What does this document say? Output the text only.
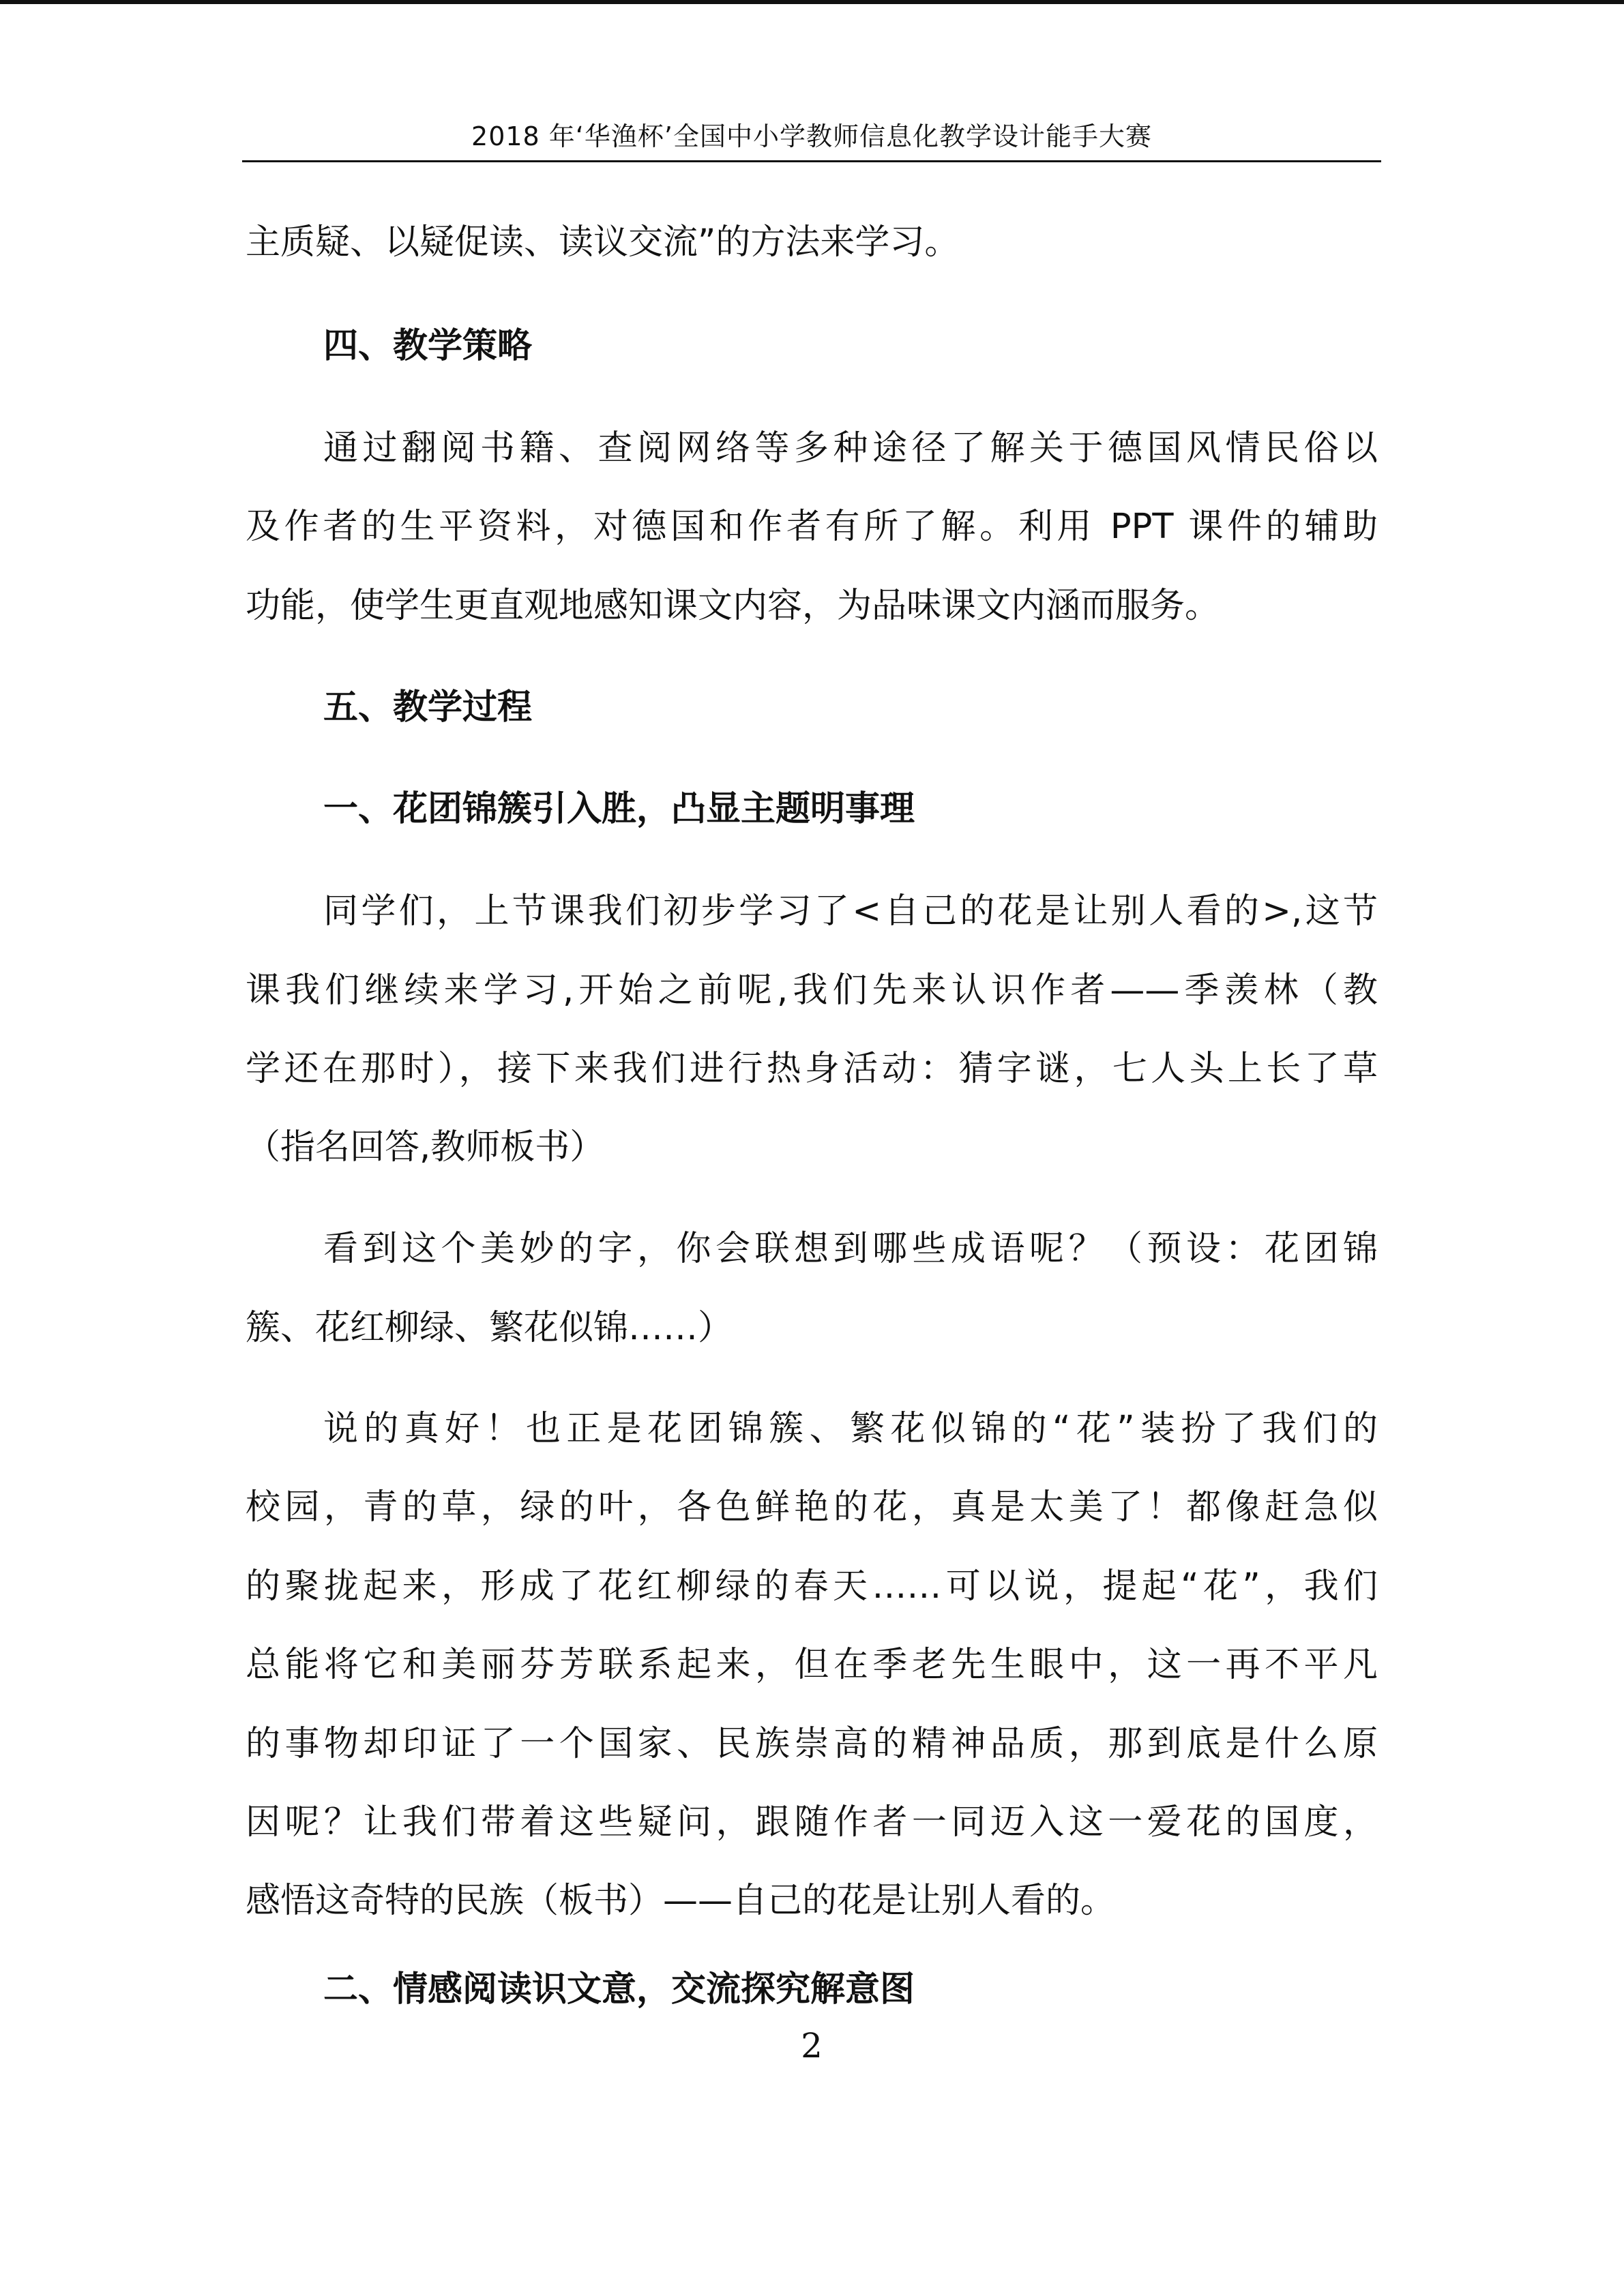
2018 年‘华渔杯’全国中小学教师信息化教学设计能手大赛
主质疑、以疑促读、读议交流”的方法来学习。
四、教学策略
通过翻阅书籍、查阅网络等多种途径了解关于德国风情民俗以
及作者的生平资料，对德国和作者有所了解。利用 PPT 课件的辅助
功能，使学生更直观地感知课文内容，为品味课文内涵而服务。
五、教学过程
一、花团锦簇引入胜，凸显主题明事理
同学们，上节课我们初步学习了<自己的花是让别人看的>,这节
课我们继续来学习,开始之前呢,我们先来认识作者——季羡林（教
学还在那时），接下来我们进行热身活动：猜字谜，七人头上长了草
（指名回答,教师板书）
看到这个美妙的字，你会联想到哪些成语呢？（预设：花团锦
簇、花红柳绿、繁花似锦……）
说的真好！也正是花团锦簇、繁花似锦的“花”装扮了我们的
校园，青的草，绿的叶，各色鲜艳的花，真是太美了！都像赶急似
的聚拢起来，形成了花红柳绿的春天……可以说，提起“花”，我们
总能将它和美丽芬芳联系起来，但在季老先生眼中，这一再不平凡
的事物却印证了一个国家、民族崇高的精神品质，那到底是什么原
因呢？让我们带着这些疑问，跟随作者一同迈入这一爱花的国度，
感悟这奇特的民族（板书）——自己的花是让别人看的。
二、情感阅读识文意，交流探究解意图
2
